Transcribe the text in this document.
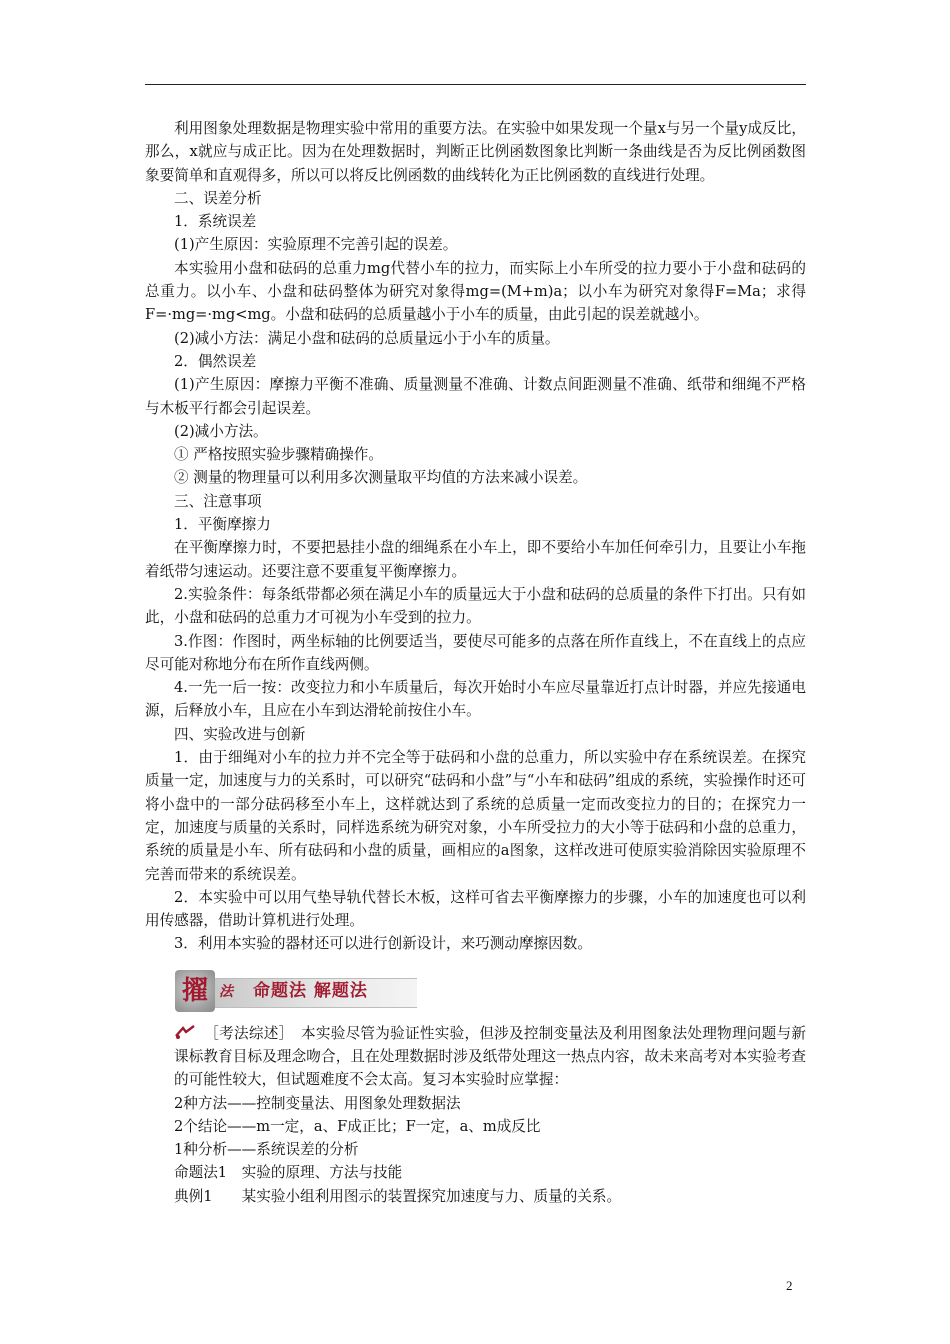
利用图象处理数据是物理实验中常用的重要方法。在实验中如果发现一个量x与另一个量y成反比，那么，x就应与成正比。因为在处理数据时，判断正比例函数图象比判断一条曲线是否为反比例函数图象要简单和直观得多，所以可以将反比例函数的曲线转化为正比例函数的直线进行处理。

二、误差分析

1．系统误差

(1)产生原因：实验原理不完善引起的误差。

本实验用小盘和砝码的总重力mg代替小车的拉力，而实际上小车所受的拉力要小于小盘和砝码的总重力。以小车、小盘和砝码整体为研究对象得mg=(M+m)a；以小车为研究对象得F=Ma；求得F=·mg=·mg<mg。小盘和砝码的总质量越小于小车的质量，由此引起的误差就越小。

(2)减小方法：满足小盘和砝码的总质量远小于小车的质量。

2．偶然误差

(1)产生原因：摩擦力平衡不准确、质量测量不准确、计数点间距测量不准确、纸带和细绳不严格与木板平行都会引起误差。

(2)减小方法。

① 严格按照实验步骤精确操作。

② 测量的物理量可以利用多次测量取平均值的方法来减小误差。

三、注意事项

1．平衡摩擦力

在平衡摩擦力时，不要把悬挂小盘的细绳系在小车上，即不要给小车加任何牵引力，且要让小车拖着纸带匀速运动。还要注意不要重复平衡摩擦力。

2.实验条件：每条纸带都必须在满足小车的质量远大于小盘和砝码的总质量的条件下打出。只有如此，小盘和砝码的总重力才可视为小车受到的拉力。

3.作图：作图时，两坐标轴的比例要适当，要使尽可能多的点落在所作直线上，不在直线上的点应尽可能对称地分布在所作直线两侧。

4.一先一后一按：改变拉力和小车质量后，每次开始时小车应尽量靠近打点计时器，并应先接通电源，后释放小车，且应在小车到达滑轮前按住小车。

四、实验改进与创新

1．由于细绳对小车的拉力并不完全等于砝码和小盘的总重力，所以实验中存在系统误差。在探究质量一定，加速度与力的关系时，可以研究“砝码和小盘”与“小车和砝码”组成的系统，实验操作时还可将小盘中的一部分砝码移至小车上，这样就达到了系统的总质量一定而改变拉力的目的；在探究力一定，加速度与质量的关系时，同样选系统为研究对象，小车所受拉力的大小等于砝码和小盘的总重力，系统的质量是小车、所有砝码和小盘的质量，画相应的a图象，这样改进可使原实验消除因实验原理不完善而带来的系统误差。

2．本实验中可以用气垫导轨代替长木板，这样可省去平衡摩擦力的步骤，小车的加速度也可以利用传感器，借助计算机进行处理。

3．利用本实验的器材还可以进行创新设计，来巧测动摩擦因数。

擢 法 命题法 解题法

［考法综述］　本实验尽管为验证性实验，但涉及控制变量法及利用图象法处理物理问题与新课标教育目标及理念吻合，且在处理数据时涉及纸带处理这一热点内容，故未来高考对本实验考查的可能性较大，但试题难度不会太高。复习本实验时应掌握：

2种方法——控制变量法、用图象处理数据法

2个结论——m一定，a、F成正比；F一定，a、m成反比

1种分析——系统误差的分析

命题法1　实验的原理、方法与技能

典例1　　某实验小组利用图示的装置探究加速度与力、质量的关系。

2
